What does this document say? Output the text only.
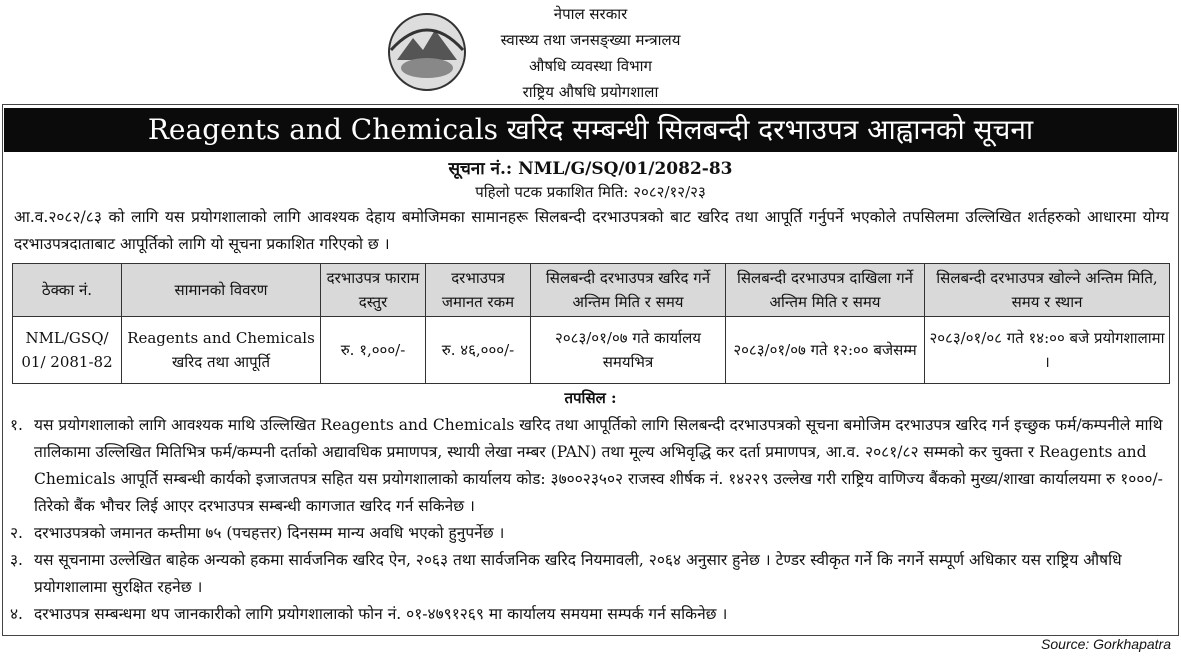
नेपाल सरकार
स्वास्थ्य तथा जनसङ्ख्या मन्त्रालय
औषधि व्यवस्था विभाग
राष्ट्रिय औषधि प्रयोगशाला
Reagents and Chemicals खरिद सम्बन्धी सिलबन्दी दरभाउपत्र आह्वानको सूचना
सूचना नं.: NML/G/SQ/01/2082-83
पहिलो पटक प्रकाशित मिति: २०८२/१२/२३
आ.व.२०८२/८३ को लागि यस प्रयोगशालाको लागि आवश्यक देहाय बमोजिमका सामानहरू सिलबन्दी दरभाउपत्रको बाट खरिद तथा आपूर्ति गर्नुपर्ने भएकोले तपसिलमा उल्लिखित शर्तहरुको आधारमा योग्य दरभाउपत्रदाताबाट आपूर्तिको लागि यो सूचना प्रकाशित गरिएको छ ।
ठेक्का नं.	सामानको विवरण	दरभाउपत्र फाराम दस्तुर	दरभाउपत्र जमानत रकम	सिलबन्दी दरभाउपत्र खरिद गर्ने अन्तिम मिति र समय	सिलबन्दी दरभाउपत्र दाखिला गर्ने अन्तिम मिति र समय	सिलबन्दी दरभाउपत्र खोल्ने अन्तिम मिति, समय र स्थान
NML/GSQ/ 01/ 2081-82	Reagents and Chemicals खरिद तथा आपूर्ति	रु. १,०००/-	रु. ४६,०००/-	२०८३/०१/०७ गते कार्यालय समयभित्र	२०८३/०१/०७ गते १२:०० बजेसम्म	२०८३/०१/०८ गते १४:०० बजे प्रयोगशालामा ।
तपसिल :
१. यस प्रयोगशालाको लागि आवश्यक माथि उल्लिखित Reagents and Chemicals खरिद तथा आपूर्तिको लागि सिलबन्दी दरभाउपत्रको सूचना बमोजिम दरभाउपत्र खरिद गर्न इच्छुक फर्म/कम्पनीले माथि तालिकामा उल्लिखित मितिभित्र फर्म/कम्पनी दर्ताको अद्यावधिक प्रमाणपत्र, स्थायी लेखा नम्बर (PAN) तथा मूल्य अभिवृद्धि कर दर्ता प्रमाणपत्र, आ.व. २०८१/८२ सम्मको कर चुक्ता र Reagents and Chemicals आपूर्ति सम्बन्धी कार्यको इजाजतपत्र सहित यस प्रयोगशालाको कार्यालय कोड: ३७००२३५०२ राजस्व शीर्षक नं. १४२२९ उल्लेख गरी राष्ट्रिय वाणिज्य बैंकको मुख्य/शाखा कार्यालयमा रु १०००/- तिरेको बैंक भौचर लिई आएर दरभाउपत्र सम्बन्धी कागजात खरिद गर्न सकिनेछ ।
२. दरभाउपत्रको जमानत कम्तीमा ७५ (पचहत्तर) दिनसम्म मान्य अवधि भएको हुनुपर्नेछ ।
३. यस सूचनामा उल्लेखित बाहेक अन्यको हकमा सार्वजनिक खरिद ऐन, २०६३ तथा सार्वजनिक खरिद नियमावली, २०६४ अनुसार हुनेछ । टेण्डर स्वीकृत गर्ने कि नगर्ने सम्पूर्ण अधिकार यस राष्ट्रिय औषधि प्रयोगशालामा सुरक्षित रहनेछ ।
४. दरभाउपत्र सम्बन्धमा थप जानकारीको लागि प्रयोगशालाको फोन नं. ०१-४७९१२६९ मा कार्यालय समयमा सम्पर्क गर्न सकिनेछ ।
Source: Gorkhapatra
